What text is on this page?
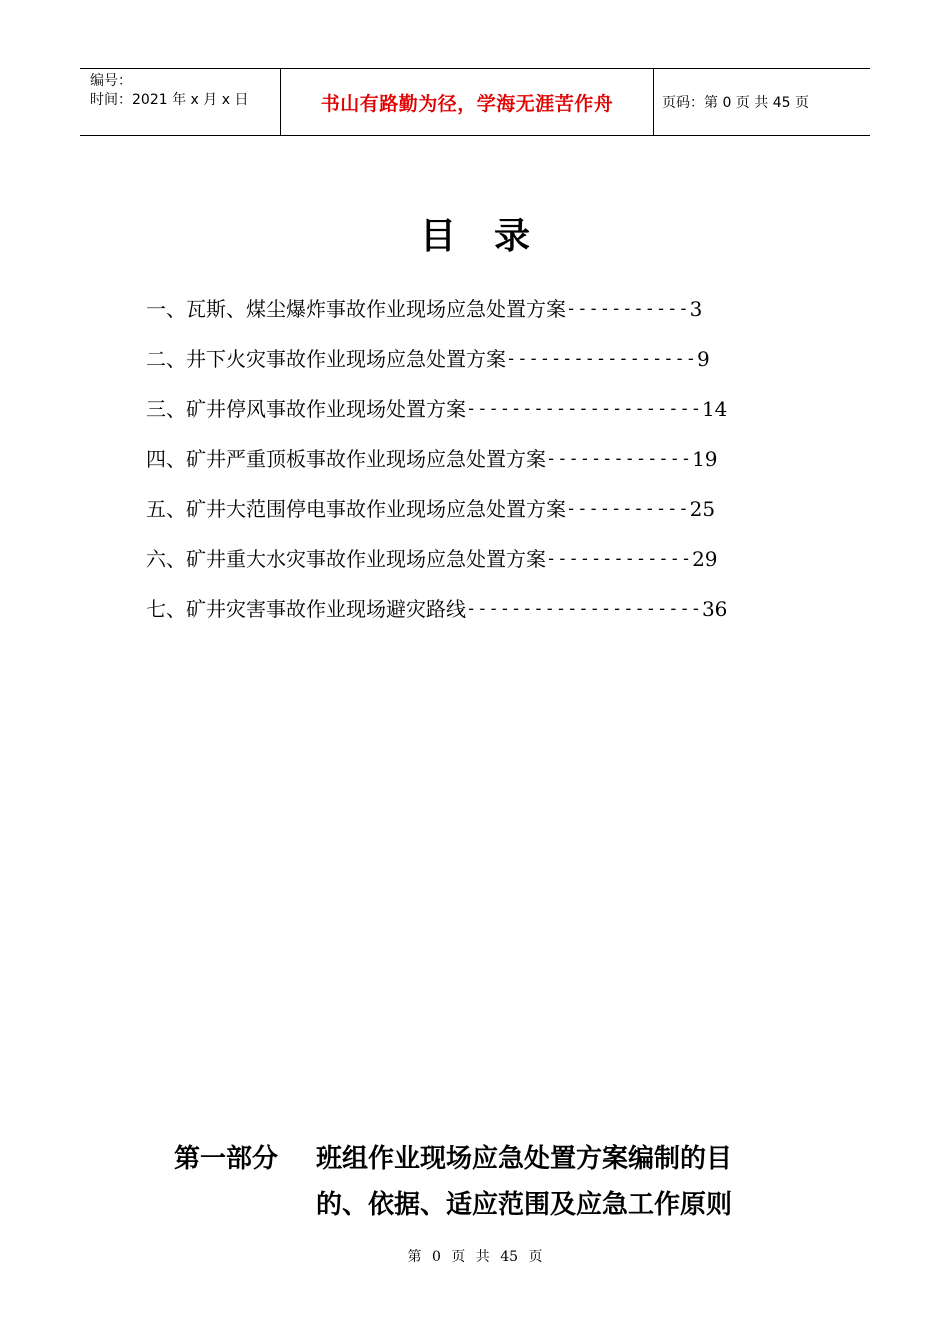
编号：
时间：2021 年 x 月 x 日	书山有路勤为径，学海无涯苦作舟	页码：第 0 页 共 45 页
目录
一、瓦斯、煤尘爆炸事故作业现场应急处置方案 ----------- 3
二、井下火灾事故作业现场应急处置方案 ----------------- 9
三、矿井停风事故作业现场处置方案 --------------------- 14
四、矿井严重顶板事故作业现场应急处置方案 ------------- 19
五、矿井大范围停电事故作业现场应急处置方案 ----------- 25
六、矿井重大水灾事故作业现场应急处置方案 ------------- 29
七、矿井灾害事故作业现场避灾路线 --------------------- 36
第一部分	班组作业现场应急处置方案编制的目
的、依据、适应范围及应急工作原则
第 0 页 共 45 页
